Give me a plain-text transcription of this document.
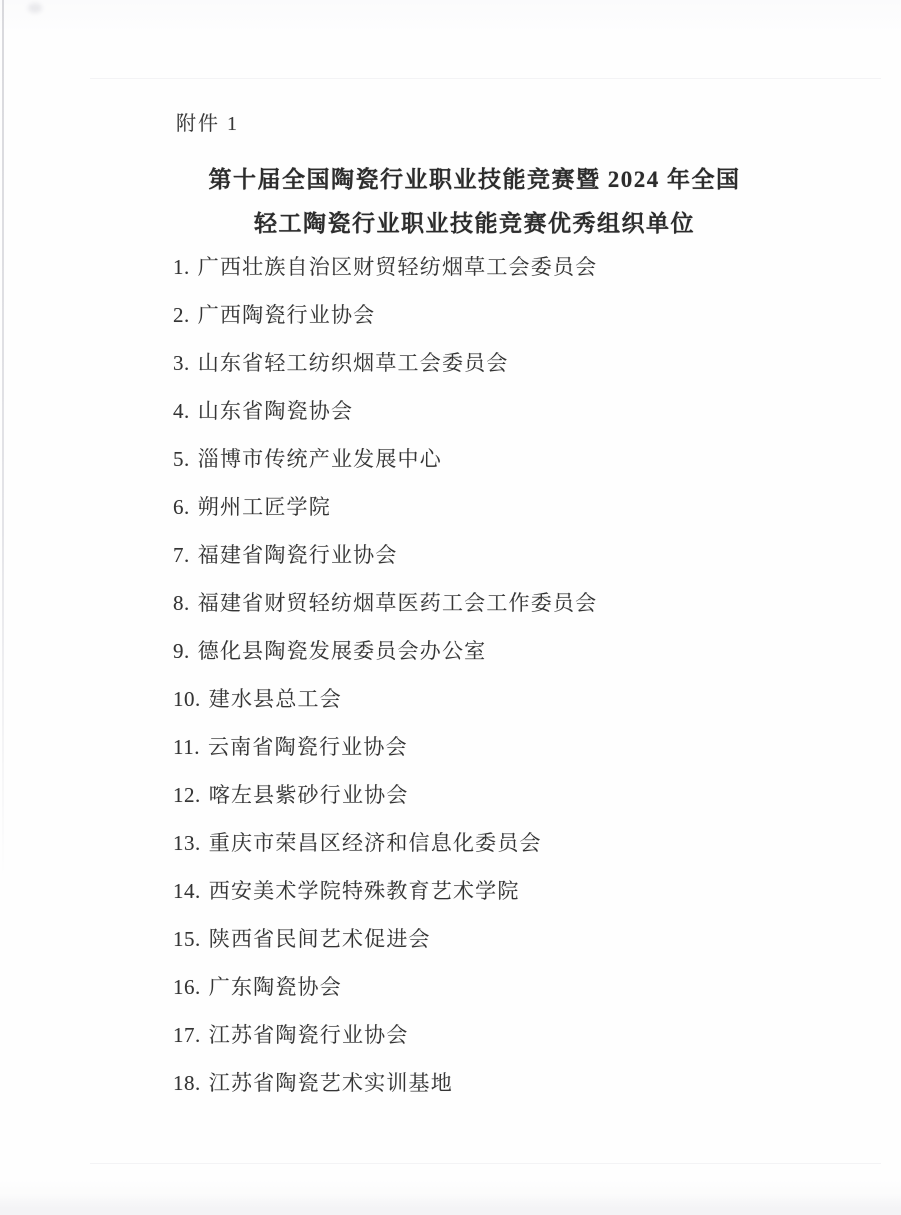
附件 1
第十届全国陶瓷行业职业技能竞赛暨 2024 年全国
轻工陶瓷行业职业技能竞赛优秀组织单位
1. 广西壮族自治区财贸轻纺烟草工会委员会
2. 广西陶瓷行业协会
3. 山东省轻工纺织烟草工会委员会
4. 山东省陶瓷协会
5. 淄博市传统产业发展中心
6. 朔州工匠学院
7. 福建省陶瓷行业协会
8. 福建省财贸轻纺烟草医药工会工作委员会
9. 德化县陶瓷发展委员会办公室
10. 建水县总工会
11. 云南省陶瓷行业协会
12. 喀左县紫砂行业协会
13. 重庆市荣昌区经济和信息化委员会
14. 西安美术学院特殊教育艺术学院
15. 陕西省民间艺术促进会
16. 广东陶瓷协会
17. 江苏省陶瓷行业协会
18. 江苏省陶瓷艺术实训基地
